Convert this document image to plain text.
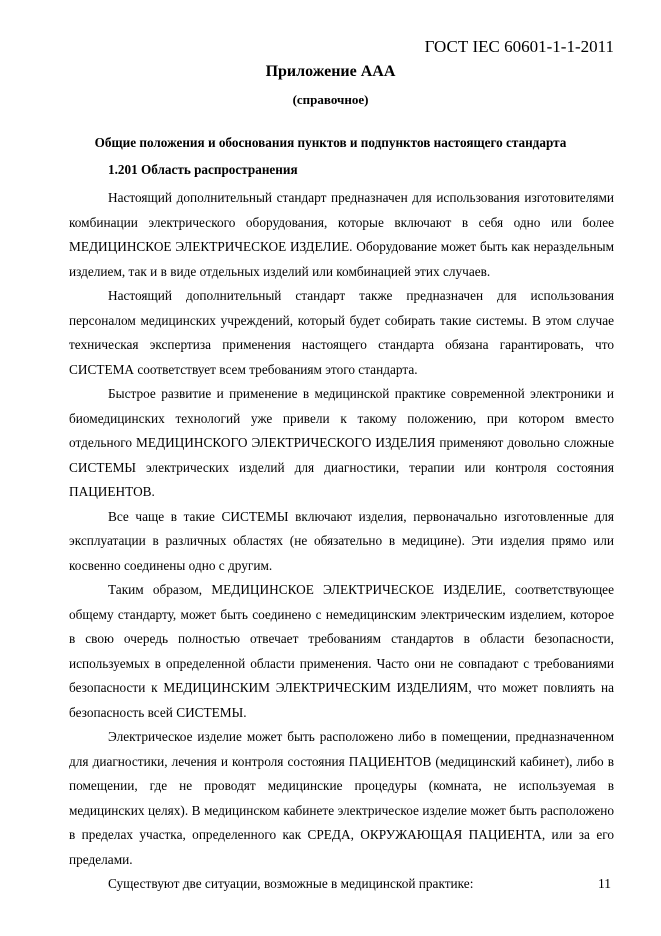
ГОСТ IEC 60601-1-1-2011
Приложение ААА
(справочное)
Общие положения и обоснования пунктов и подпунктов настоящего стандарта
1.201 Область распространения

Настоящий дополнительный стандарт предназначен для использования изготовителями комбинации электрического оборудования, которые включают в себя одно или более МЕДИЦИНСКОЕ ЭЛЕКТРИЧЕСКОЕ ИЗДЕЛИЕ. Оборудование может быть как нераздельным изделием, так и в виде отдельных изделий или комбинацией этих случаев.

Настоящий дополнительный стандарт также предназначен для использования персоналом медицинских учреждений, который будет собирать такие системы. В этом случае техническая экспертиза применения настоящего стандарта обязана гарантировать, что СИСТЕМА соответствует всем требованиям этого стандарта.

Быстрое развитие и применение в медицинской практике современной электроники и биомедицинских технологий уже привели к такому положению, при котором вместо отдельного МЕДИЦИНСКОГО ЭЛЕКТРИЧЕСКОГО ИЗДЕЛИЯ применяют довольно сложные СИСТЕМЫ электрических изделий для диагностики, терапии или контроля состояния ПАЦИЕНТОВ.

Все чаще в такие СИСТЕМЫ включают изделия, первоначально изготовленные для эксплуатации в различных областях (не обязательно в медицине). Эти изделия прямо или косвенно соединены одно с другим.

Таким образом, МЕДИЦИНСКОЕ ЭЛЕКТРИЧЕСКОЕ ИЗДЕЛИЕ, соответствующее общему стандарту, может быть соединено с немедицинским электрическим изделием, которое в свою очередь полностью отвечает требованиям стандартов в области безопасности, используемых в определенной области применения. Часто они не совпадают с требованиями безопасности к МЕДИЦИНСКИМ ЭЛЕКТРИЧЕСКИМ ИЗДЕЛИЯМ, что может повлиять на безопасность всей СИСТЕМЫ.

Электрическое изделие может быть расположено либо в помещении, предназначенном для диагностики, лечения и контроля состояния ПАЦИЕНТОВ (медицинский кабинет), либо в помещении, где не проводят медицинские процедуры (комната, не используемая в медицинских целях). В медицинском кабинете электрическое изделие может быть расположено в пределах участка, определенного как СРЕДА, ОКРУЖАЮЩАЯ ПАЦИЕНТА, или за его пределами.

Существуют две ситуации, возможные в медицинской практике:	11
